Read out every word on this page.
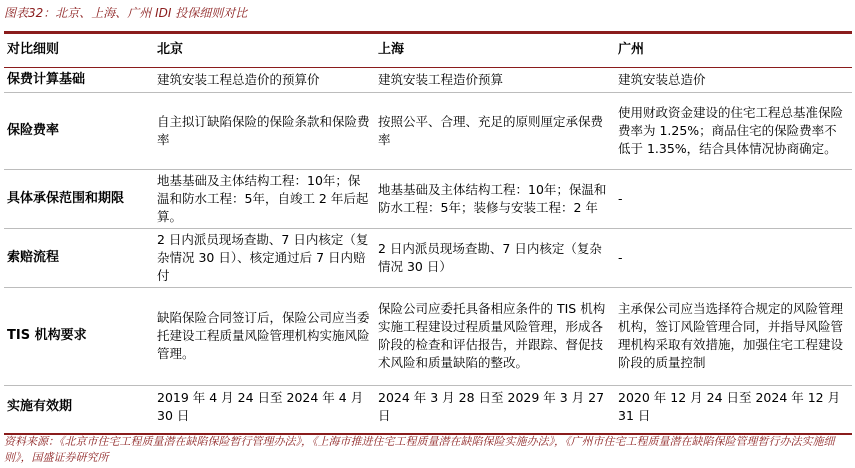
图表32：北京、上海、广州 IDI 投保细则对比
对比细则	北京	上海	广州
保费计算基础	建筑安装工程总造价的预算价	建筑安装工程造价预算	建筑安装总造价
保险费率	自主拟订缺陷保险的保险条款和保险费率	按照公平、合理、充足的原则厘定承保费率	使用财政资金建设的住宅工程总基准保险费率为 1.25%；商品住宅的保险费率不低于 1.35%，结合具体情况协商确定。
具体承保范围和期限	地基基础及主体结构工程：10年；保温和防水工程：5年，自竣工 2 年后起算。	地基基础及主体结构工程：10年；保温和防水工程：5年；装修与安装工程：2 年	-
索赔流程	2 日内派员现场查勘、7 日内核定（复杂情况 30 日）、核定通过后 7 日内赔付	2 日内派员现场查勘、7 日内核定（复杂情况 30 日）	-
TIS 机构要求	缺陷保险合同签订后，保险公司应当委托建设工程质量风险管理机构实施风险管理。	保险公司应委托具备相应条件的 TIS 机构实施工程建设过程质量风险管理，形成各阶段的检查和评估报告，并跟踪、督促技术风险和质量缺陷的整改。	主承保公司应当选择符合规定的风险管理机构，签订风险管理合同，并指导风险管理机构采取有效措施，加强住宅工程建设阶段的质量控制
实施有效期	2019 年 4 月 24 日至 2024 年 4 月 30 日	2024 年 3 月 28 日至 2029 年 3 月 27 日	2020 年 12 月 24 日至 2024 年 12 月 31 日
资料来源：《北京市住宅工程质量潜在缺陷保险暂行管理办法》，《上海市推进住宅工程质量潜在缺陷保险实施办法》，《广州市住宅工程质量潜在缺陷保险管理暂行办法实施细则》，国盛证券研究所
